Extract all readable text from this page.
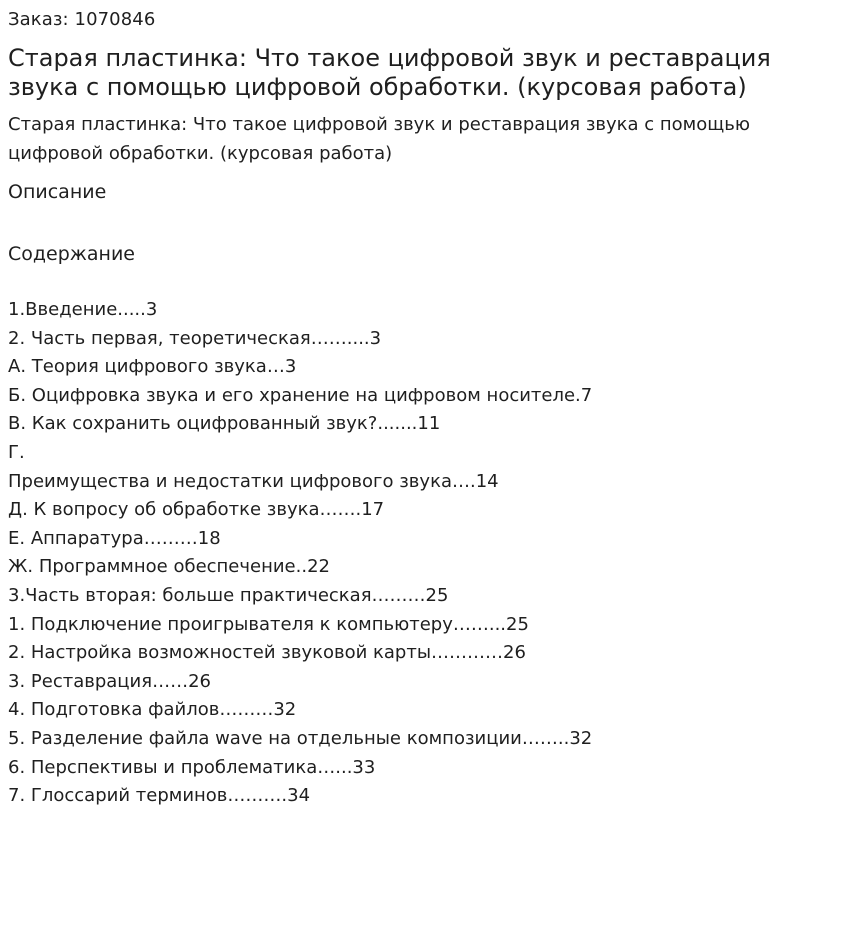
Заказ: 1070846
Старая пластинка: Что такое цифровой звук и реставрация звука с помощью цифровой обработки. (курсовая работа)
Старая пластинка: Что такое цифровой звук и реставрация звука с помощью цифровой обработки. (курсовая работа)
Описание
Содержание
1.Введение.....3
2. Часть первая, теоретическая……....3
А. Теория цифрового звука…3
Б. Оцифровка звука и его хранение на цифровом носителе.7
В. Как сохранить оцифрованный звук?.......11
Г.
Преимущества и недостатки цифрового звука….14
Д. К вопросу об обработке звука…….17
Е. Аппаратура………18
Ж. Программное обеспечение..22
3.Часть вторая: больше практическая………25
1. Подключение проигрывателя к компьютеру……...25
2. Настройка возможностей звуковой карты…………26
3. Реставрация……26
4. Подготовка файлов………32
5. Разделение файла wave на отдельные композиции……..32
6. Перспективы и проблематика…...33
7. Глоссарий терминов……….34
